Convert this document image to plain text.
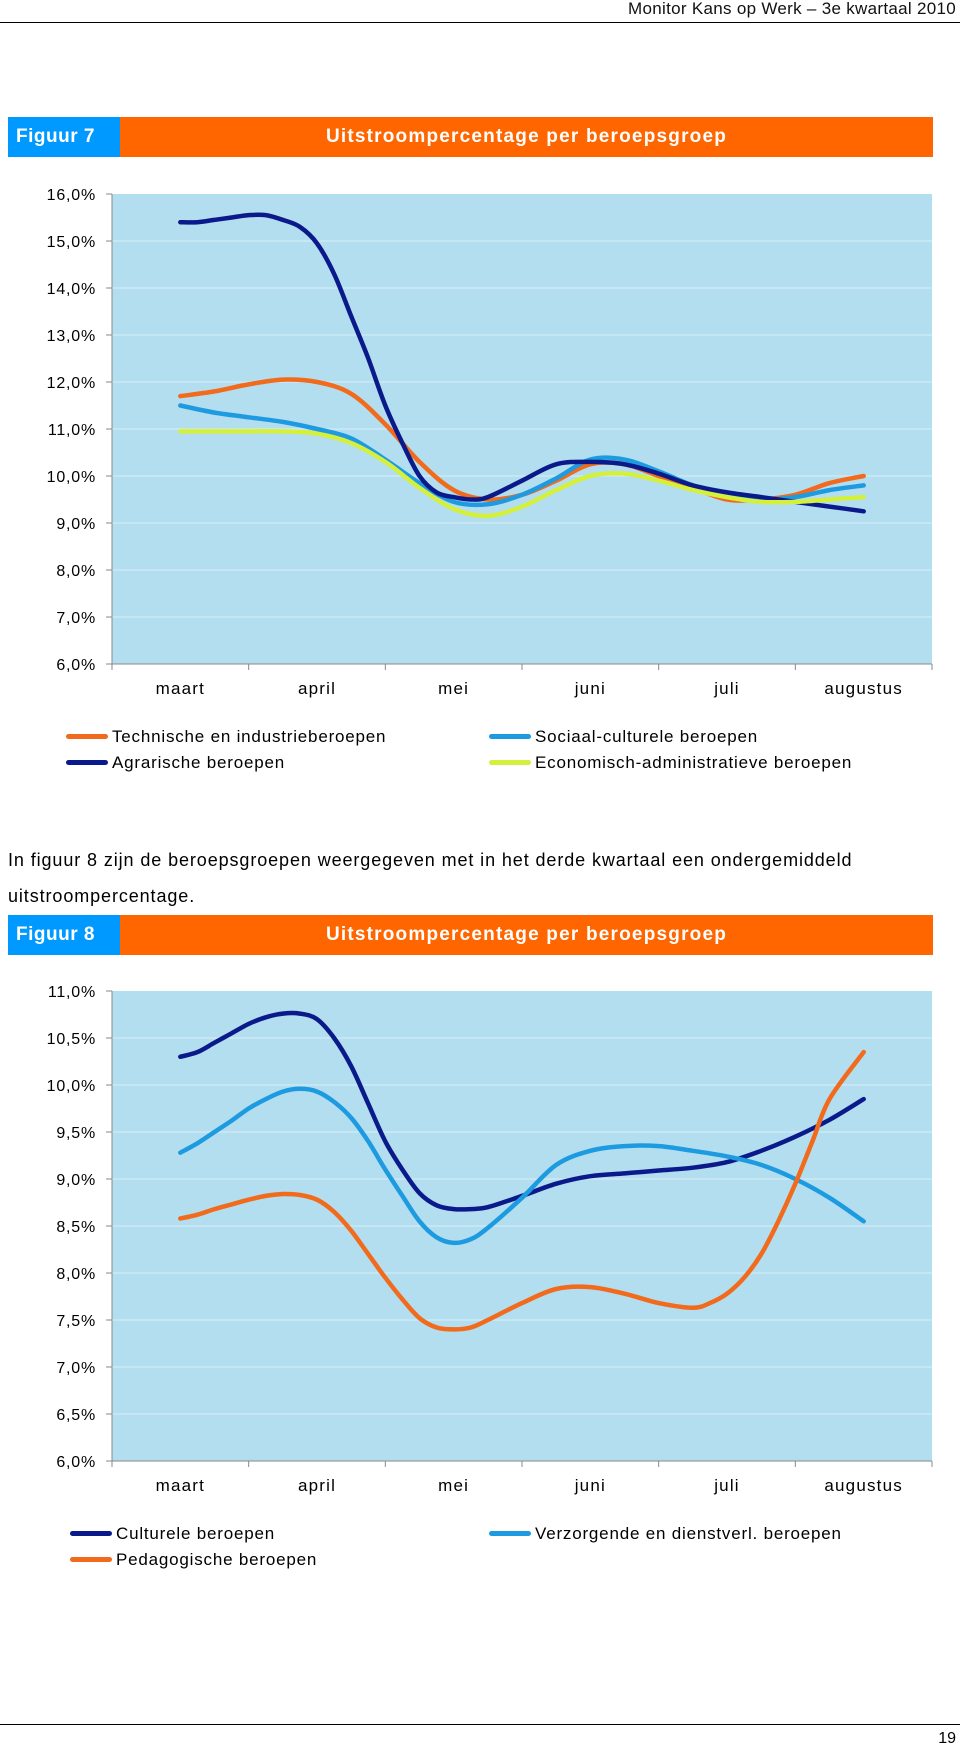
Monitor Kans op Werk – 3e kwartaal 2010
Figuur 7	Uitstroompercentage per beroepsgroep
6,0%
7,0%
8,0%
9,0%
10,0%
11,0%
12,0%
13,0%
14,0%
15,0%
16,0%
maart	april	mei	juni	juli	augustus
Technische en industrieberoepen
Agrarische beroepen
Sociaal-culturele beroepen
Economisch-administratieve beroepen
In figuur 8 zijn de beroepsgroepen weergegeven met in het derde kwartaal een ondergemiddeld uitstroompercentage.
Figuur 8	Uitstroompercentage per beroepsgroep
6,0%
6,5%
7,0%
7,5%
8,0%
8,5%
9,0%
9,5%
10,0%
10,5%
11,0%
maart	april	mei	juni	juli	augustus
Culturele beroepen
Pedagogische beroepen
Verzorgende en dienstverl. beroepen
19
